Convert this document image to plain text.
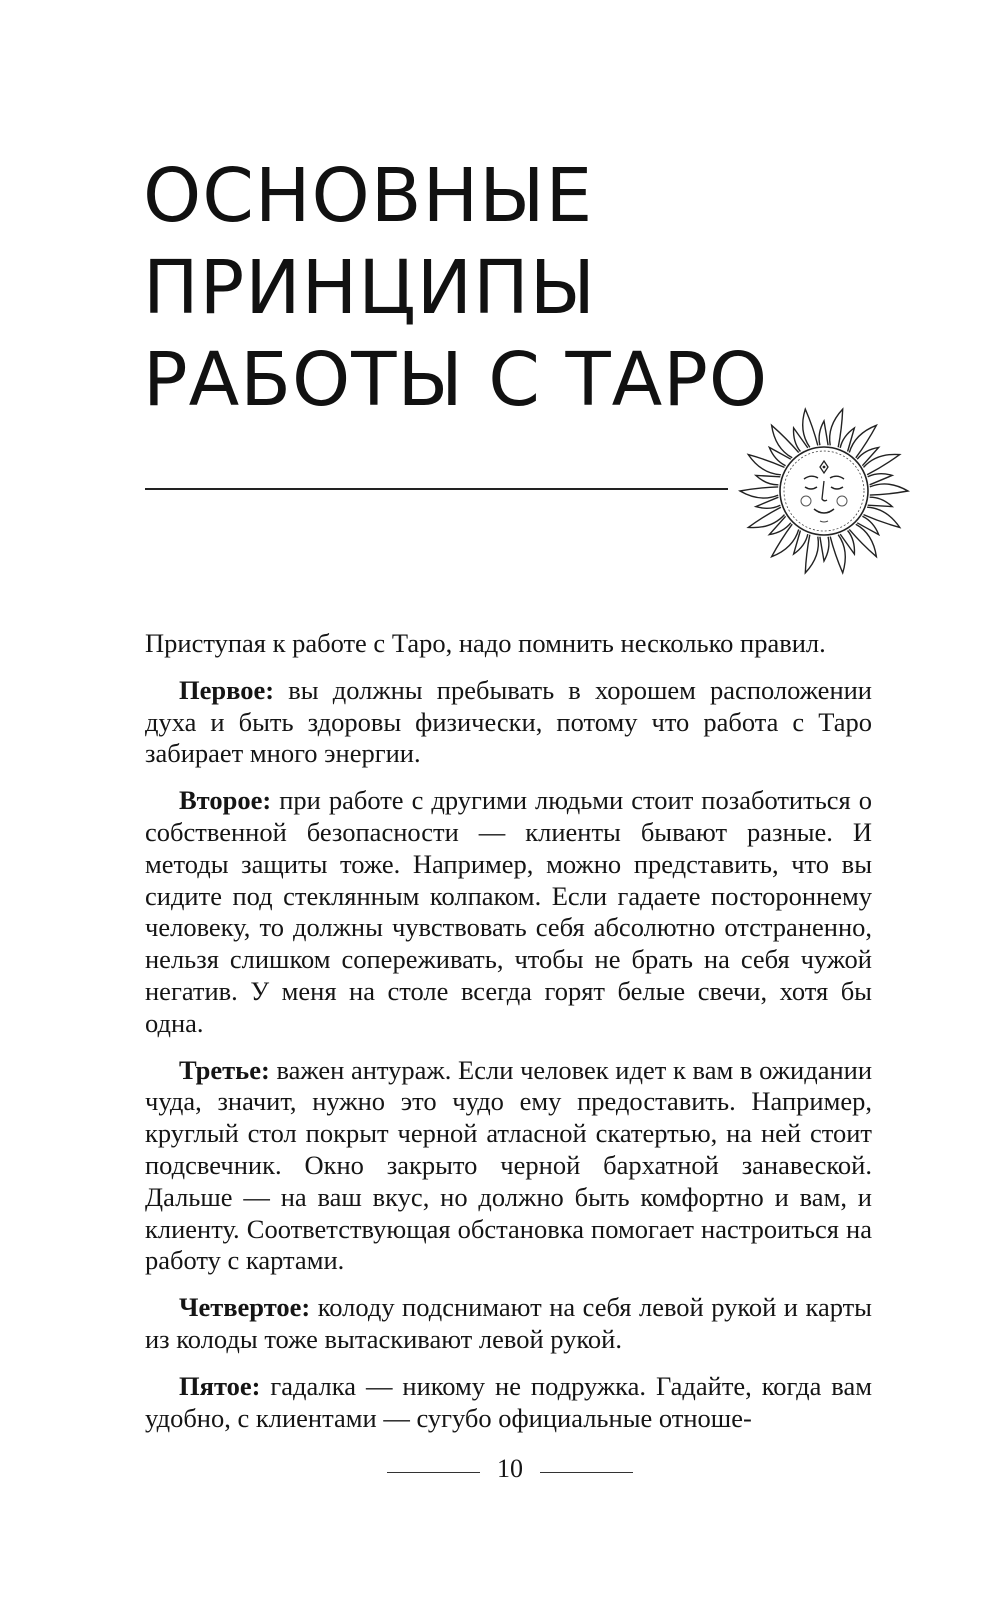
ОСНОВНЫЕ
ПРИНЦИПЫ
РАБОТЫ С ТАРО

Приступая к работе с Таро, надо помнить несколько правил.

Первое: вы должны пребывать в хорошем расположении духа и быть здоровы физически, потому что работа с Таро забирает много энергии.

Второе: при работе с другими людьми стоит позаботиться о собственной безопасности — клиенты бывают разные. И методы защиты тоже. Например, можно представить, что вы сидите под стеклянным колпаком. Если гадаете постороннему человеку, то должны чувствовать себя абсолютно отстраненно, нельзя слишком сопереживать, чтобы не брать на себя чужой негатив. У меня на столе всегда горят белые свечи, хотя бы одна.

Третье: важен антураж. Если человек идет к вам в ожидании чуда, значит, нужно это чудо ему предоставить. Например, круглый стол покрыт черной атласной скатертью, на ней стоит подсвечник. Окно закрыто черной бархатной занавеской. Дальше — на ваш вкус, но должно быть комфортно и вам, и клиенту. Соответствующая обстановка помогает настроиться на работу с картами.

Четвертое: колоду подснимают на себя левой рукой и карты из колоды тоже вытаскивают левой рукой.

Пятое: гадалка — никому не подружка. Гадайте, когда вам удобно, с клиентами — сугубо официальные отноше-

10
